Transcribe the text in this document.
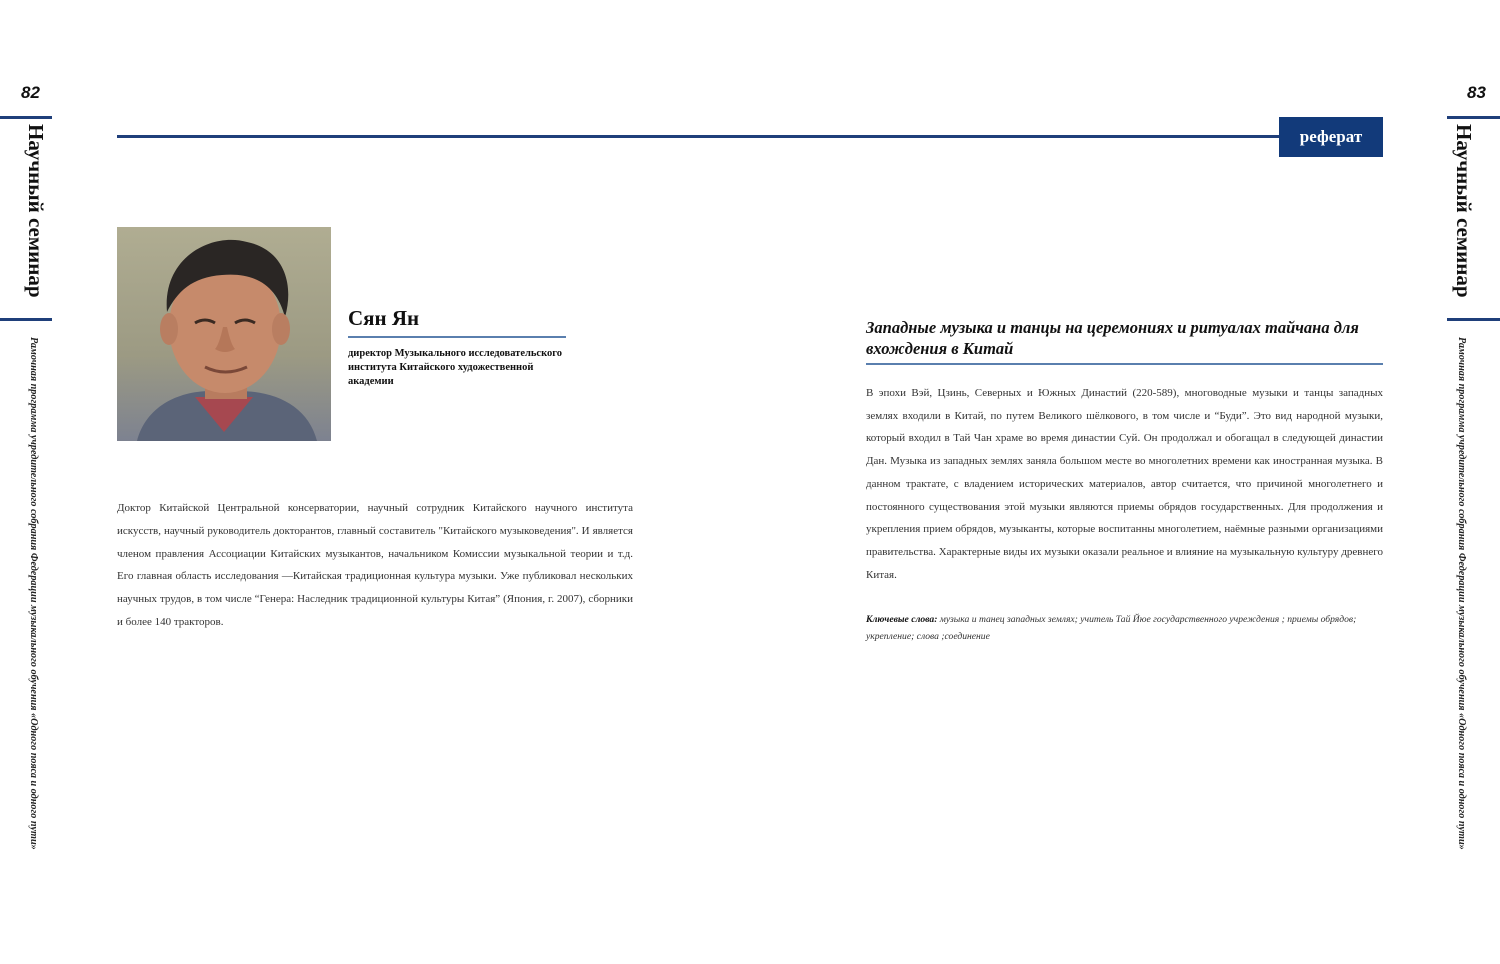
82
Научный семинар
Рамочная программа учредительного собрания Федерации музыкального обучения «Одного пояса и одного пути»
83
Научный семинар
Рамочная программа учредительного собрания Федерации музыкального обучения «Одного пояса и одного пути»
реферат
Сян Ян
директор Музыкального исследовательского института Китайского художественной академии
Доктор Китайской Центральной консерватории, научный сотрудник Китайского научного института искусств, научный руководитель докторантов, главный составитель "Китайского музыковедения". И является членом правления Ассоциации Китайских музыкантов, начальником Комиссии музыкальной теории и т.д. Его главная область исследования —Китайская традиционная культура музыки. Уже публиковал нескольких научных трудов, в том числе “Генера: Наследник традиционной культуры Китая” (Япония, г. 2007), сборники и более 140 тракторов.
Западные музыка и танцы на церемониях и ритуалах тайчана для вхождения в Китай
В эпохи Вэй, Цзинь, Северных и Южных Династий (220-589), многоводные музыки и танцы западных землях входили в Китай, по путем Великого шёлкового, в том числе и “Буди”. Это вид народной музыки, который входил в Тай Чан храме во время династии Суй. Он продолжал и обогащал в следующей династии Дан. Музыка из западных землях заняла большом месте во многолетних времени как иностранная музыка. В данном трактате, с владением исторических материалов, автор считается, что причиной многолетнего и постоянного существования этой музыки являются приемы обрядов государственных. Для продолжения и укрепления прием обрядов, музыканты, которые воспитанны многолетием, наёмные разными организациями правительства. Характерные виды их музыки оказали реальное и влияние на музыкальную культуру древнего Китая.
Ключевые слова: музыка и танец западных землях; учитель Тай Йюе государственного учреждения ; приемы обрядов; укрепление; слова ;соединение
